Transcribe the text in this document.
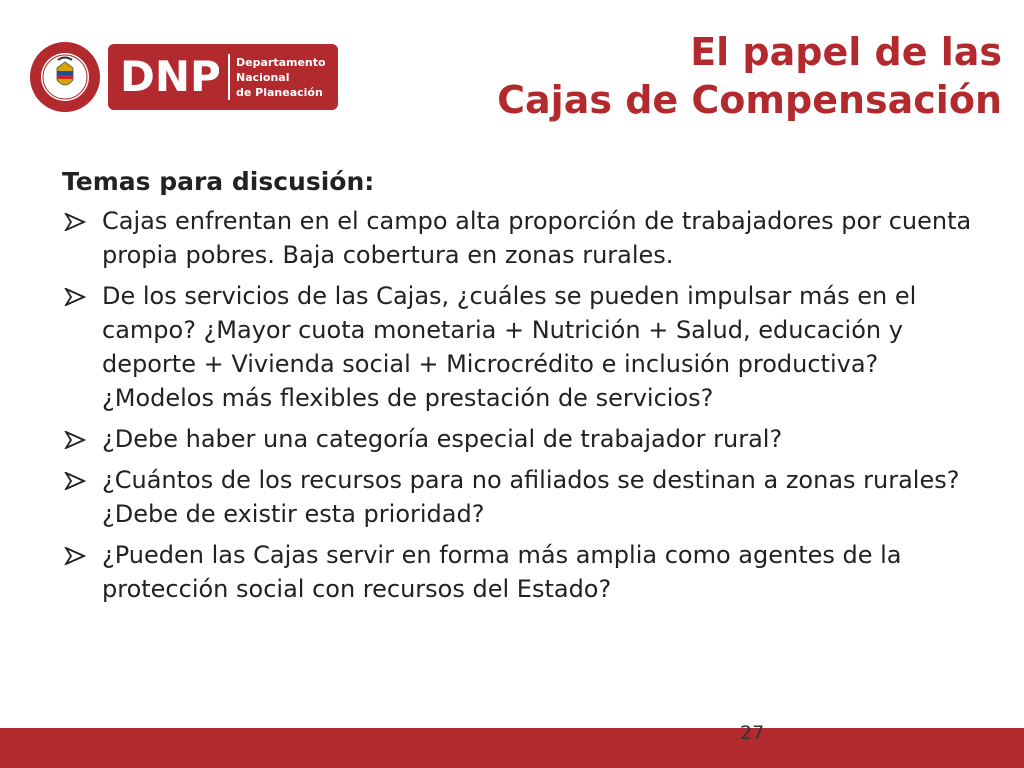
DNP Departamento
Nacional
de Planeación
El papel de las
Cajas de Compensación
Temas para discusión:
Cajas enfrentan en el campo alta proporción de trabajadores por cuenta propia pobres. Baja cobertura en zonas rurales.
De los servicios de las Cajas, ¿cuáles se pueden impulsar más en el campo? ¿Mayor cuota monetaria + Nutrición + Salud, educación y deporte + Vivienda social + Microcrédito e inclusión productiva? ¿Modelos más flexibles de prestación de servicios?
¿Debe haber una categoría especial de trabajador rural?
¿Cuántos de los recursos para no afiliados se destinan a zonas rurales? ¿Debe de existir esta prioridad?
¿Pueden las Cajas servir en forma más amplia como agentes de la protección social con recursos del Estado?
27
